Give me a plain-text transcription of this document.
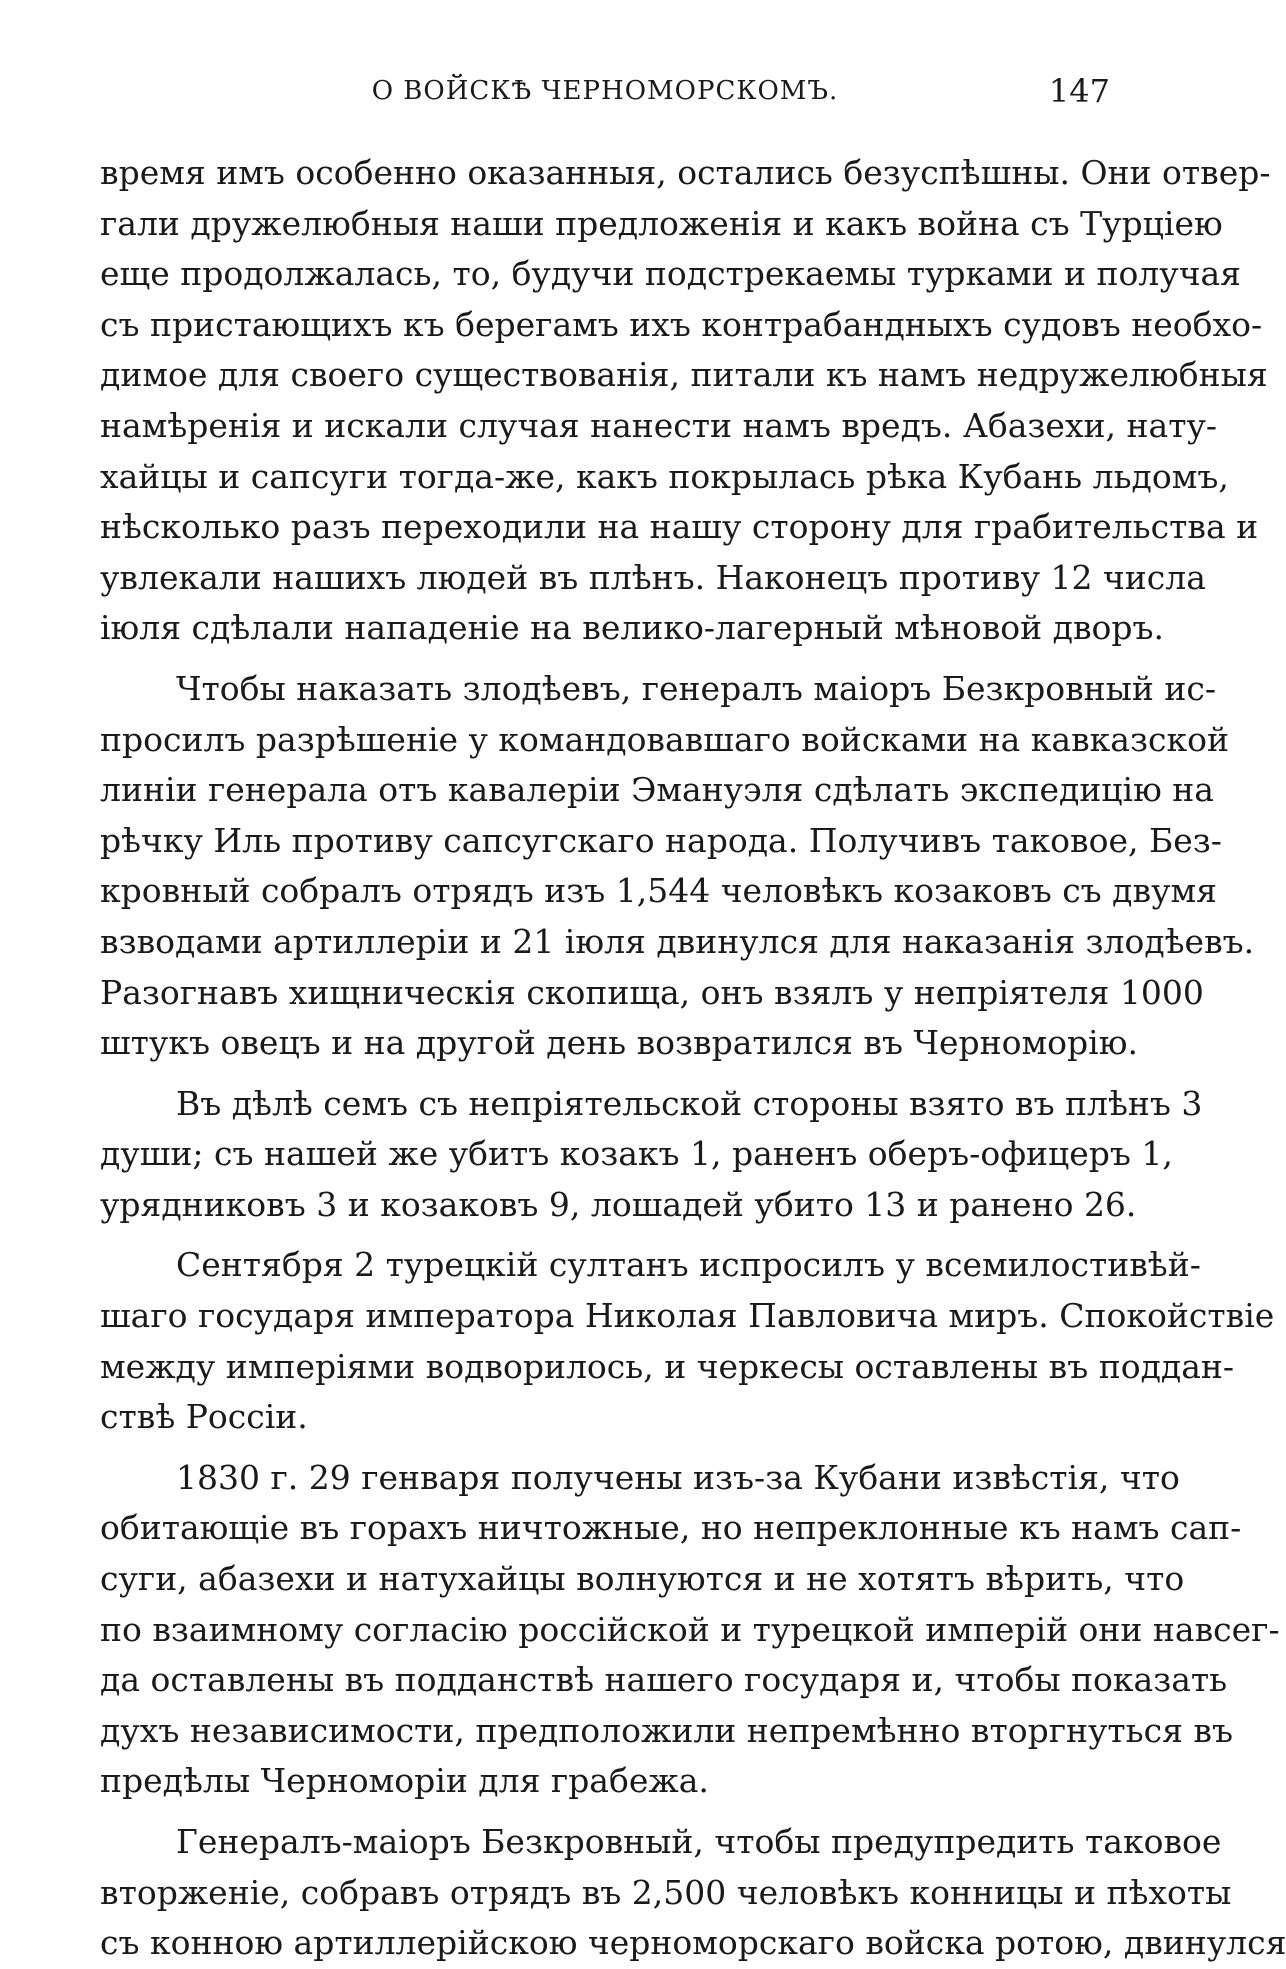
О ВОЙСКѢ ЧЕРНОМОРСКОМЪ.	147
время имъ особенно оказанныя, остались безуспѣшны. Они отвер-
гали дружелюбныя наши предложенія и какъ война съ Турціею
еще продолжалась, то, будучи подстрекаемы турками и получая
съ пристающихъ къ берегамъ ихъ контрабандныхъ судовъ необхо-
димое для своего существованія, питали къ намъ недружелюбныя
намѣренія и искали случая нанести намъ вредъ. Абазехи, нату-
хайцы и сапсуги тогда-же, какъ покрылась рѣка Кубань льдомъ,
нѣсколько разъ переходили на нашу сторону для грабительства и
увлекали нашихъ людей въ плѣнъ. Наконецъ противу 12 числа
іюля сдѣлали нападеніе на велико-лагерный мѣновой дворъ.
Чтобы наказать злодѣевъ, генералъ маіоръ Безкровный ис-
просилъ разрѣшеніе у командовавшаго войсками на кавказской
линіи генерала отъ кавалеріи Эмануэля сдѣлать экспедицію на
рѣчку Иль противу сапсугскаго народа. Получивъ таковое, Без-
кровный собралъ отрядъ изъ 1,544 человѣкъ козаковъ съ двумя
взводами артиллеріи и 21 іюля двинулся для наказанія злодѣевъ.
Разогнавъ хищническія скопища, онъ взялъ у непріятеля 1000
штукъ овецъ и на другой день возвратился въ Черноморію.
Въ дѣлѣ семъ съ непріятельской стороны взято въ плѣнъ 3
души; съ нашей же убитъ козакъ 1, раненъ оберъ-офицеръ 1,
урядниковъ 3 и козаковъ 9, лошадей убито 13 и ранено 26.
Сентября 2 турецкій султанъ испросилъ у всемилостивѣй-
шаго государя императора Николая Павловича миръ. Спокойствіе
между имперіями водворилось, и черкесы оставлены въ поддан-
ствѣ Россіи.
1830 г. 29 генваря получены изъ-за Кубани извѣстія, что
обитающіе въ горахъ ничтожные, но непреклонные къ намъ сап-
суги, абазехи и натухайцы волнуются и не хотятъ вѣрить, что
по взаимному согласію россійской и турецкой имперій они навсег-
да оставлены въ подданствѣ нашего государя и, чтобы показать
духъ независимости, предположили непремѣнно вторгнуться въ
предѣлы Черноморіи для грабежа.
Генералъ-маіоръ Безкровный, чтобы предупредить таковое
вторженіе, собравъ отрядъ въ 2,500 человѣкъ конницы и пѣхоты
съ конною артиллерійскою черноморскаго войска ротою, двинулся
